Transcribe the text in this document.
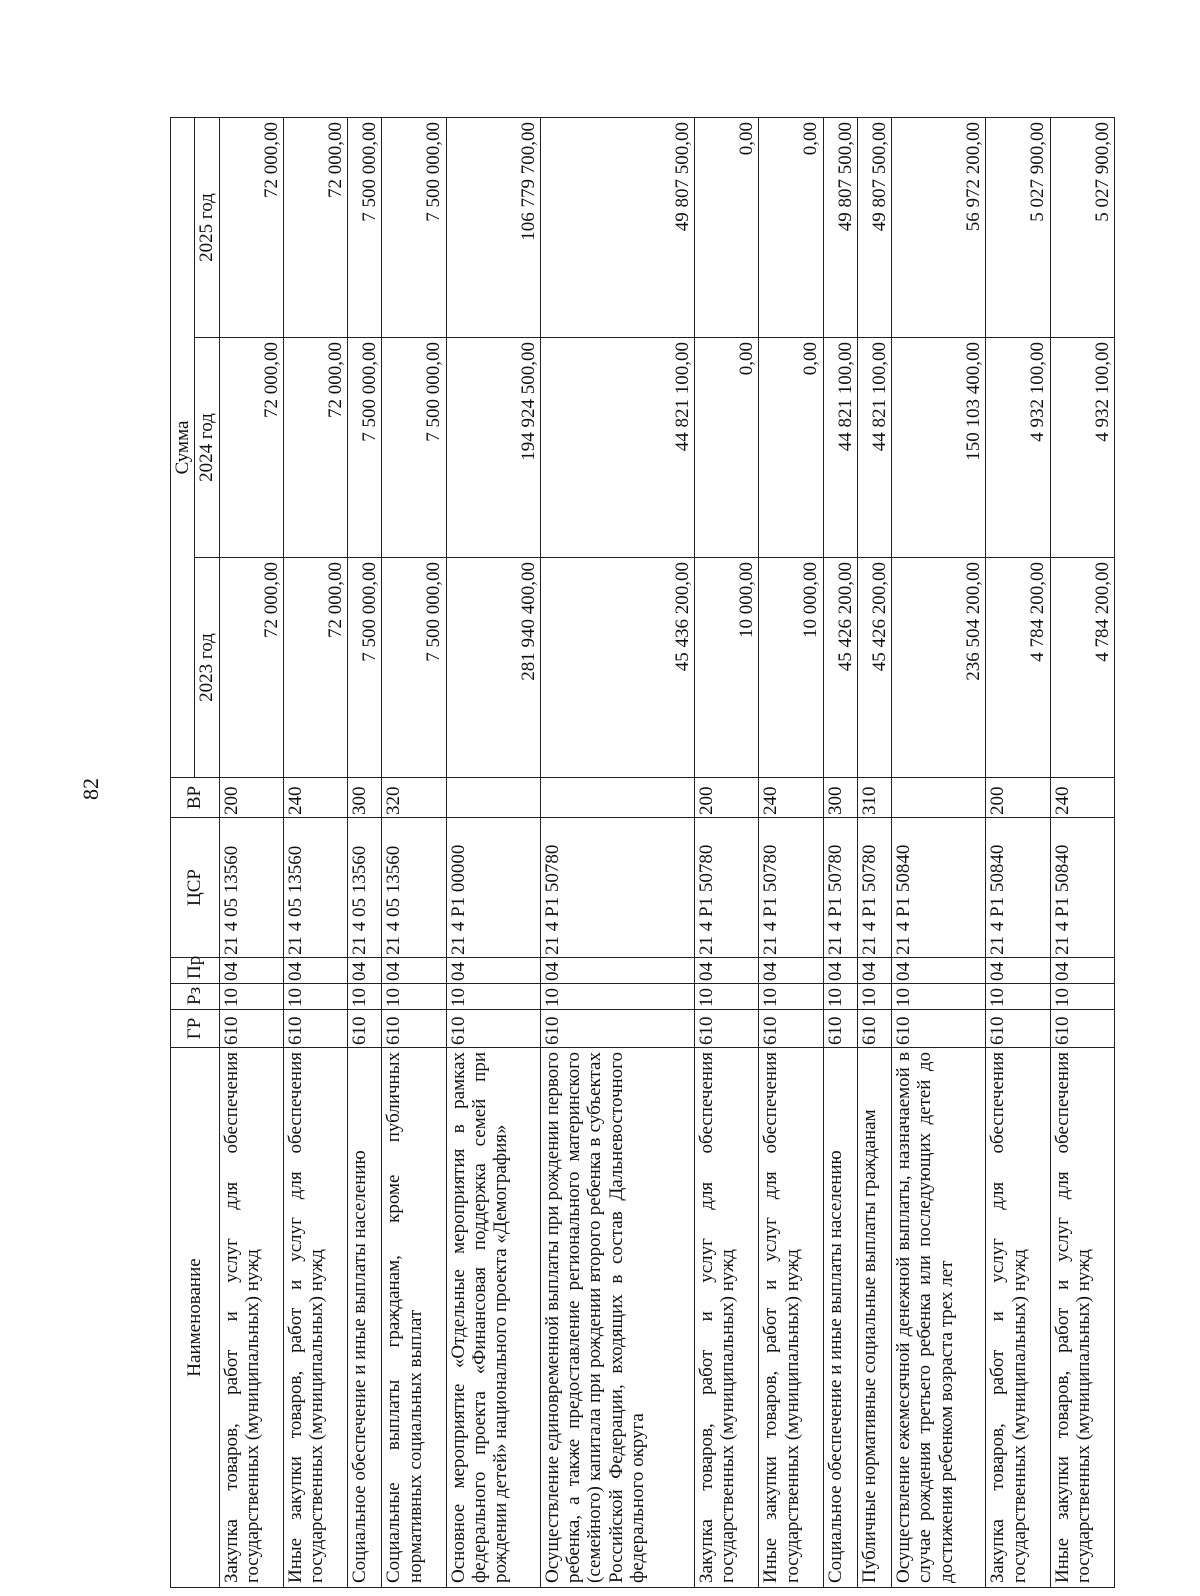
82
Наименование	ГР	Рз	Пр	ЦСР	ВР	Сумма		
						2023 год	2024 год	2025 год
Закупка товаров, работ и услуг для обеспечения государственных (муниципальных) нужд	610	10	04	21 4 05 13560	200	72 000,00	72 000,00	72 000,00
Иные закупки товаров, работ и услуг для обеспечения государственных (муниципальных) нужд	610	10	04	21 4 05 13560	240	72 000,00	72 000,00	72 000,00
Социальное обеспечение и иные выплаты населению	610	10	04	21 4 05 13560	300	7 500 000,00	7 500 000,00	7 500 000,00
Социальные выплаты гражданам, кроме публичных нормативных социальных выплат	610	10	04	21 4 05 13560	320	7 500 000,00	7 500 000,00	7 500 000,00
Основное мероприятие «Отдельные мероприятия в рамках федерального проекта «Финансовая поддержка семей при рождении детей» национального проекта «Демография»	610	10	04	21 4 P1 00000		281 940 400,00	194 924 500,00	106 779 700,00
Осуществление единовременной выплаты при рождении первого ребенка, а также предоставление регионального материнского (семейного) капитала при рождении второго ребенка в субъектах Российской Федерации, входящих в состав Дальневосточного федерального округа	610	10	04	21 4 P1 50780		45 436 200,00	44 821 100,00	49 807 500,00
Закупка товаров, работ и услуг для обеспечения государственных (муниципальных) нужд	610	10	04	21 4 P1 50780	200	10 000,00	0,00	0,00
Иные закупки товаров, работ и услуг для обеспечения государственных (муниципальных) нужд	610	10	04	21 4 P1 50780	240	10 000,00	0,00	0,00
Социальное обеспечение и иные выплаты населению	610	10	04	21 4 P1 50780	300	45 426 200,00	44 821 100,00	49 807 500,00
Публичные нормативные социальные выплаты гражданам	610	10	04	21 4 P1 50780	310	45 426 200,00	44 821 100,00	49 807 500,00
Осуществление ежемесячной денежной выплаты, назначаемой в случае рождения третьего ребенка или последующих детей до достижения ребенком возраста трех лет	610	10	04	21 4 P1 50840		236 504 200,00	150 103 400,00	56 972 200,00
Закупка товаров, работ и услуг для обеспечения государственных (муниципальных) нужд	610	10	04	21 4 P1 50840	200	4 784 200,00	4 932 100,00	5 027 900,00
Иные закупки товаров, работ и услуг для обеспечения государственных (муниципальных) нужд	610	10	04	21 4 P1 50840	240	4 784 200,00	4 932 100,00	5 027 900,00
